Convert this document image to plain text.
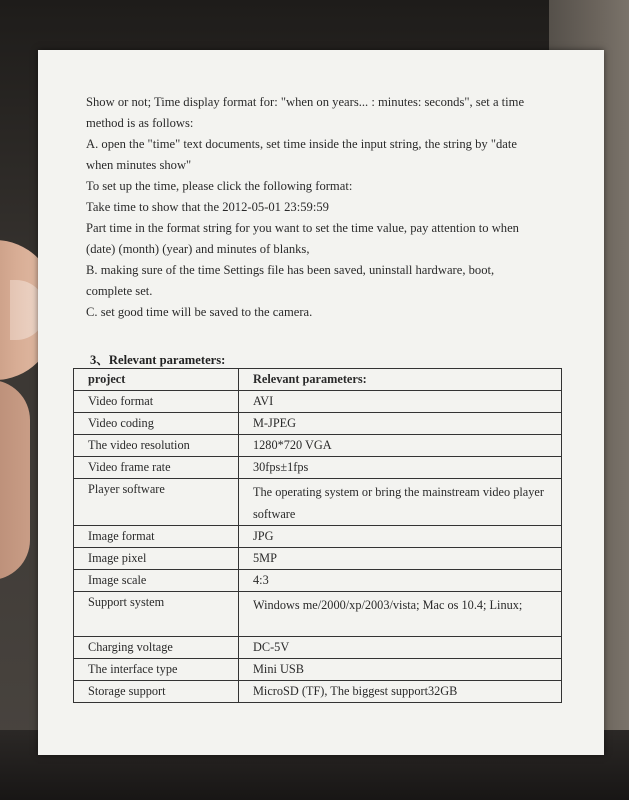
Show or not; Time display format for: "when on years... : minutes: seconds", set a time

method is as follows:

A. open the "time" text documents, set time inside the input string, the string by "date

when minutes show"

To set up the time, please click the following format:

Take time to show that the 2012-05-01 23:59:59

Part time in the format string for you want to set the time value, pay attention to when

(date) (month) (year) and minutes of blanks,

B. making sure of the time Settings file has been saved, uninstall hardware, boot,

complete set.

C. set good time will be saved to the camera.

3、Relevant parameters:
project	Relevant parameters:
Video format	AVI
Video coding	M-JPEG
The video resolution	1280*720 VGA
Video frame rate	30fps±1fps
Player software	The operating system or bring the mainstream video player software
Image format	JPG
Image pixel	5MP
Image scale	4:3
Support system	Windows me/2000/xp/2003/vista; Mac os 10.4; Linux;
Charging voltage	DC-5V
The interface type	Mini USB
Storage support	MicroSD (TF), The biggest support32GB
